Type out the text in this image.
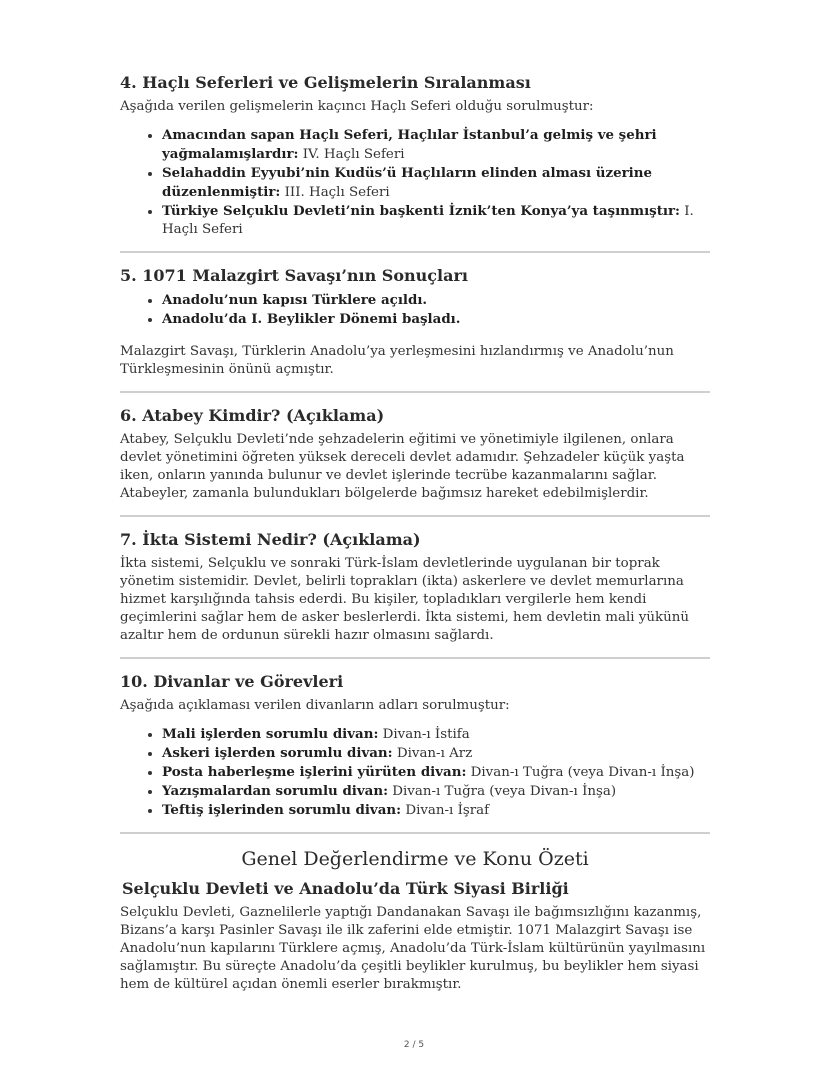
4. Haçlı Seferleri ve Gelişmelerin Sıralanması

Aşağıda verilen gelişmelerin kaçıncı Haçlı Seferi olduğu sorulmuştur:

• Amacından sapan Haçlı Seferi, Haçlılar İstanbul’a gelmiş ve şehri yağmalamışlardır: IV. Haçlı Seferi
• Selahaddin Eyyubi’nin Kudüs’ü Haçlıların elinden alması üzerine düzenlenmiştir: III. Haçlı Seferi
• Türkiye Selçuklu Devleti’nin başkenti İznik’ten Konya’ya taşınmıştır: I. Haçlı Seferi
5. 1071 Malazgirt Savaşı’nın Sonuçları
• Anadolu’nun kapısı Türklere açıldı.
• Anadolu’da I. Beylikler Dönemi başladı.

Malazgirt Savaşı, Türklerin Anadolu’ya yerleşmesini hızlandırmış ve Anadolu’nun Türkleşmesinin önünü açmıştır.

6. Atabey Kimdir? (Açıklama)

Atabey, Selçuklu Devleti’nde şehzadelerin eğitimi ve yönetimiyle ilgilenen, onlara devlet yönetimini öğreten yüksek dereceli devlet adamıdır. Şehzadeler küçük yaşta iken, onların yanında bulunur ve devlet işlerinde tecrübe kazanmalarını sağlar. Atabeyler, zamanla bulundukları bölgelerde bağımsız hareket edebilmişlerdir.

7. İkta Sistemi Nedir? (Açıklama)

İkta sistemi, Selçuklu ve sonraki Türk-İslam devletlerinde uygulanan bir toprak yönetim sistemidir. Devlet, belirli toprakları (ikta) askerlere ve devlet memurlarına hizmet karşılığında tahsis ederdi. Bu kişiler, topladıkları vergilerle hem kendi geçimlerini sağlar hem de asker beslerlerdi. İkta sistemi, hem devletin mali yükünü azaltır hem de ordunun sürekli hazır olmasını sağlardı.

10. Divanlar ve Görevleri

Aşağıda açıklaması verilen divanların adları sorulmuştur:

• Mali işlerden sorumlu divan: Divan-ı İstifa
• Askeri işlerden sorumlu divan: Divan-ı Arz
• Posta haberleşme işlerini yürüten divan: Divan-ı Tuğra (veya Divan-ı İnşa)
• Yazışmalardan sorumlu divan: Divan-ı Tuğra (veya Divan-ı İnşa)
• Teftiş işlerinden sorumlu divan: Divan-ı İşraf
Genel Değerlendirme ve Konu Özeti
Selçuklu Devleti ve Anadolu’da Türk Siyasi Birliği

Selçuklu Devleti, Gaznelilerle yaptığı Dandanakan Savaşı ile bağımsızlığını kazanmış, Bizans’a karşı Pasinler Savaşı ile ilk zaferini elde etmiştir. 1071 Malazgirt Savaşı ise Anadolu’nun kapılarını Türklere açmış, Anadolu’da Türk-İslam kültürünün yayılmasını sağlamıştır. Bu süreçte Anadolu’da çeşitli beylikler kurulmuş, bu beylikler hem siyasi hem de kültürel açıdan önemli eserler bırakmıştır.

2 / 5
